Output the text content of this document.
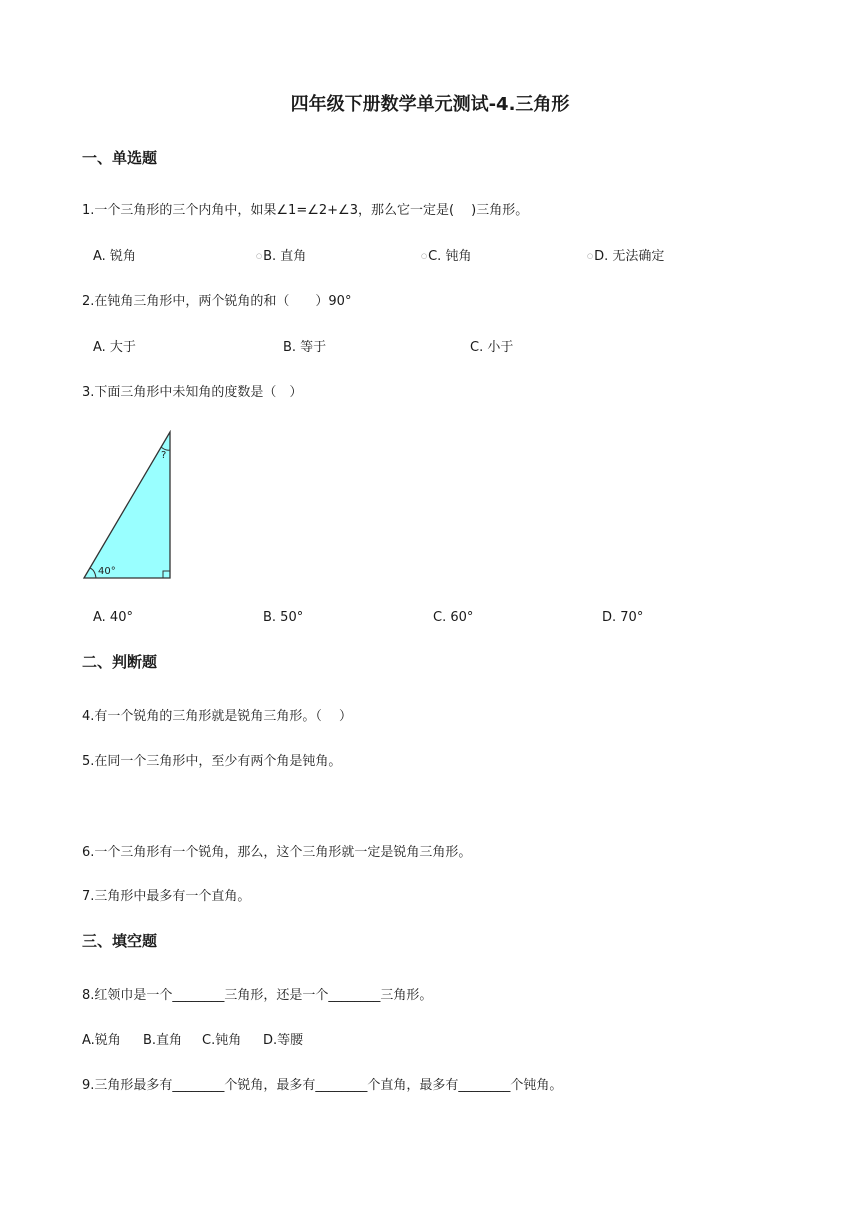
四年级下册数学单元测试-4.三角形
一、单选题
1.一个三角形的三个内角中，如果∠1=∠2+∠3，那么它一定是(　 )三角形。
A. 锐角	○B. 直角	○C. 钝角	○D. 无法确定
2.在钝角三角形中，两个锐角的和（　　）90°
A. 大于	B. 等于	C. 小于
3.下面三角形中未知角的度数是（　）
?
40°
A. 40°	B. 50°	C. 60°	D. 70°
二、判断题
4.有一个锐角的三角形就是锐角三角形。（　 ）
5.在同一个三角形中，至少有两个角是钝角。
6.一个三角形有一个锐角，那么，这个三角形就一定是锐角三角形。
7.三角形中最多有一个直角。
三、填空题
8.红领巾是一个________三角形，还是一个________三角形。
A.锐角 B.直角 C.钝角 D.等腰
9.三角形最多有________个锐角，最多有________个直角，最多有________个钝角。
